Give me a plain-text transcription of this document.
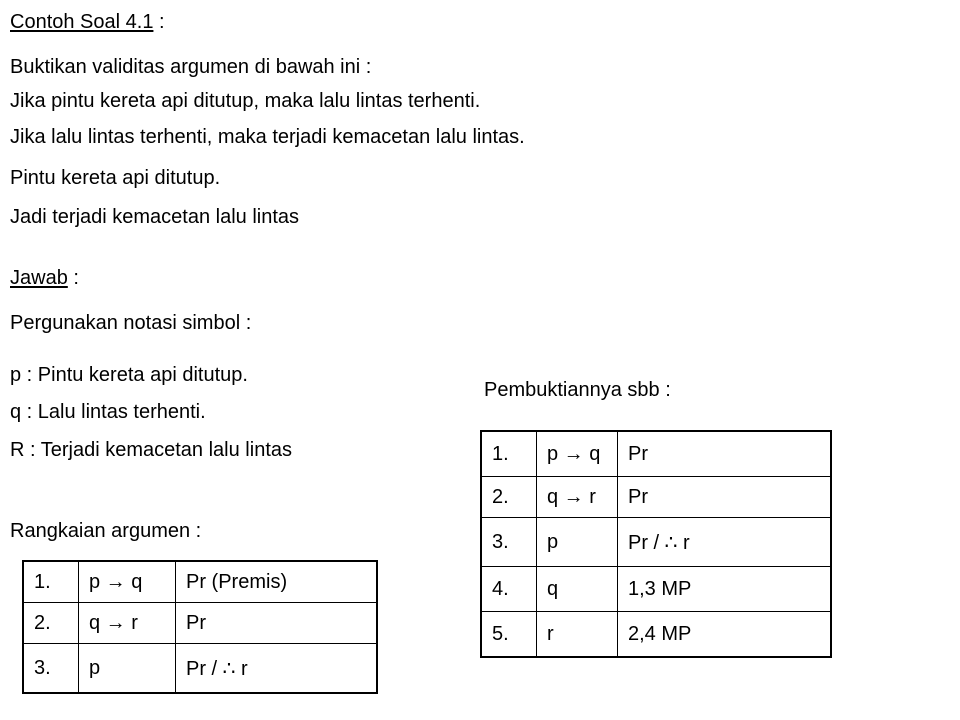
Contoh Soal 4.1 :
Buktikan validitas argumen di bawah ini :
Jika pintu kereta api ditutup, maka lalu lintas terhenti.
Jika lalu lintas terhenti, maka terjadi kemacetan lalu lintas.
Pintu kereta api ditutup.
Jadi terjadi kemacetan lalu lintas
Jawab :
Pergunakan notasi simbol :
p : Pintu kereta api ditutup.
q : Lalu lintas terhenti.
R : Terjadi kemacetan lalu lintas
Rangkaian argumen :
Pembuktiannya sbb :
1.	p → q	Pr (Premis)
2.	q → r	Pr
3.	p	Pr / ∴ r
1.	p → q	Pr
2.	q → r	Pr
3.	p	Pr / ∴ r
4.	q	1,3 MP
5.	r	2,4 MP
